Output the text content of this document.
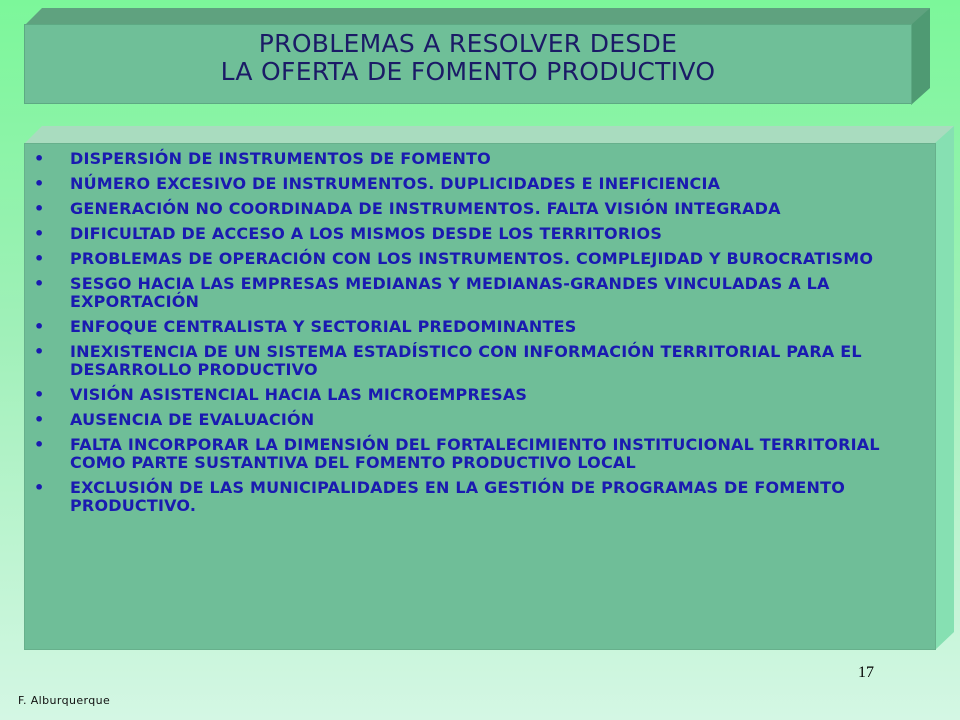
PROBLEMAS A RESOLVER DESDE
LA OFERTA DE FOMENTO PRODUCTIVO
• DISPERSIÓN DE INSTRUMENTOS DE FOMENTO
• NÚMERO EXCESIVO DE INSTRUMENTOS. DUPLICIDADES E INEFICIENCIA
• GENERACIÓN NO COORDINADA DE INSTRUMENTOS. FALTA VISIÓN INTEGRADA
• DIFICULTAD DE ACCESO A LOS MISMOS DESDE LOS TERRITORIOS
• PROBLEMAS DE OPERACIÓN CON LOS INSTRUMENTOS. COMPLEJIDAD Y BUROCRATISMO
• SESGO HACIA LAS EMPRESAS MEDIANAS Y MEDIANAS-GRANDES VINCULADAS A LA EXPORTACIÓN
• ENFOQUE CENTRALISTA Y SECTORIAL PREDOMINANTES
• INEXISTENCIA DE UN SISTEMA ESTADÍSTICO CON INFORMACIÓN TERRITORIAL PARA EL DESARROLLO PRODUCTIVO
• VISIÓN ASISTENCIAL HACIA LAS MICROEMPRESAS
• AUSENCIA DE EVALUACIÓN
• FALTA INCORPORAR LA DIMENSIÓN DEL FORTALECIMIENTO INSTITUCIONAL TERRITORIAL COMO PARTE SUSTANTIVA DEL FOMENTO PRODUCTIVO LOCAL
• EXCLUSIÓN DE LAS MUNICIPALIDADES EN LA GESTIÓN DE PROGRAMAS DE FOMENTO PRODUCTIVO.
17
F. Alburquerque
